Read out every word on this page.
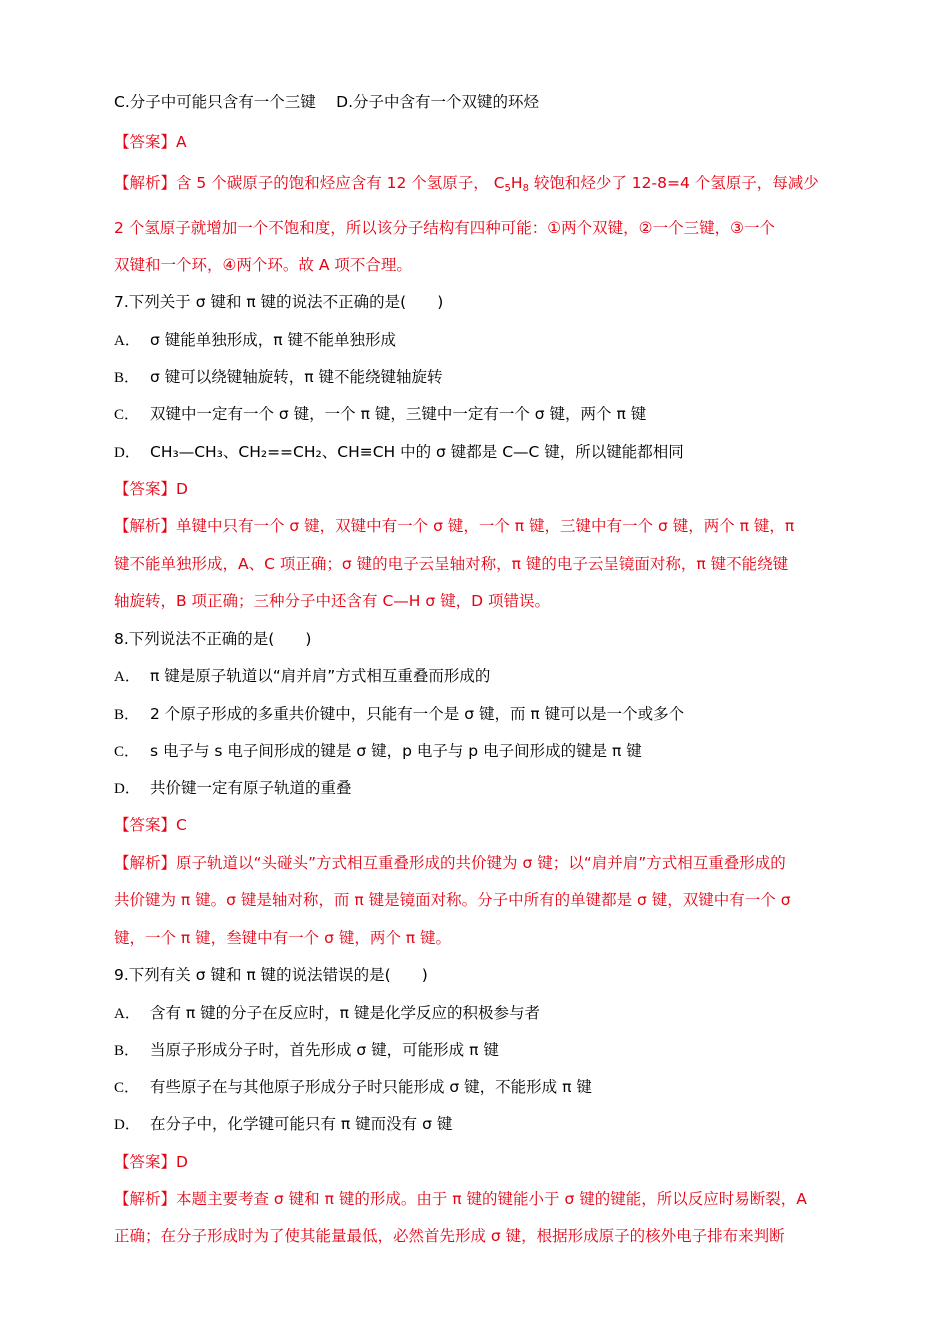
C.分子中可能只含有一个三键　 D.分子中含有一个双键的环烃
【答案】A
【解析】含 5 个碳原子的饱和烃应含有 12 个氢原子， $C_5H_8$ 较饱和烃少了 12-8=4 个氢原子，每减少
2 个氢原子就增加一个不饱和度，所以该分子结构有四种可能：①两个双键，②一个三键，③一个
双键和一个环，④两个环。故 A 项不合理。
7.下列关于 σ 键和 π 键的说法不正确的是(　　)
A． σ 键能单独形成，π 键不能单独形成
B． σ 键可以绕键轴旋转，π 键不能绕键轴旋转
C． 双键中一定有一个 σ 键，一个 π 键，三键中一定有一个 σ 键，两个 π 键
D． CH₃—CH₃、CH₂==CH₂、CH≡CH 中的 σ 键都是 C—C 键，所以键能都相同
【答案】D
【解析】单键中只有一个 σ 键，双键中有一个 σ 键，一个 π 键，三键中有一个 σ 键，两个 π 键，π
键不能单独形成，A、C 项正确；σ 键的电子云呈轴对称，π 键的电子云呈镜面对称，π 键不能绕键
轴旋转，B 项正确；三种分子中还含有 C—H σ 键，D 项错误。
8.下列说法不正确的是(　　)
A． π 键是原子轨道以“肩并肩”方式相互重叠而形成的
B． 2 个原子形成的多重共价键中，只能有一个是 σ 键，而 π 键可以是一个或多个
C． s 电子与 s 电子间形成的键是 σ 键，p 电子与 p 电子间形成的键是 π 键
D． 共价键一定有原子轨道的重叠
【答案】C
【解析】原子轨道以“头碰头”方式相互重叠形成的共价键为 σ 键；以“肩并肩”方式相互重叠形成的
共价键为 π 键。σ 键是轴对称，而 π 键是镜面对称。分子中所有的单键都是 σ 键，双键中有一个 σ
键，一个 π 键，叁键中有一个 σ 键，两个 π 键。
9.下列有关 σ 键和 π 键的说法错误的是(　　)
A． 含有 π 键的分子在反应时，π 键是化学反应的积极参与者
B． 当原子形成分子时，首先形成 σ 键，可能形成 π 键
C． 有些原子在与其他原子形成分子时只能形成 σ 键，不能形成 π 键
D． 在分子中，化学键可能只有 π 键而没有 σ 键
【答案】D
【解析】本题主要考查 σ 键和 π 键的形成。由于 π 键的键能小于 σ 键的键能，所以反应时易断裂，A
正确；在分子形成时为了使其能量最低，必然首先形成 σ 键，根据形成原子的核外电子排布来判断
